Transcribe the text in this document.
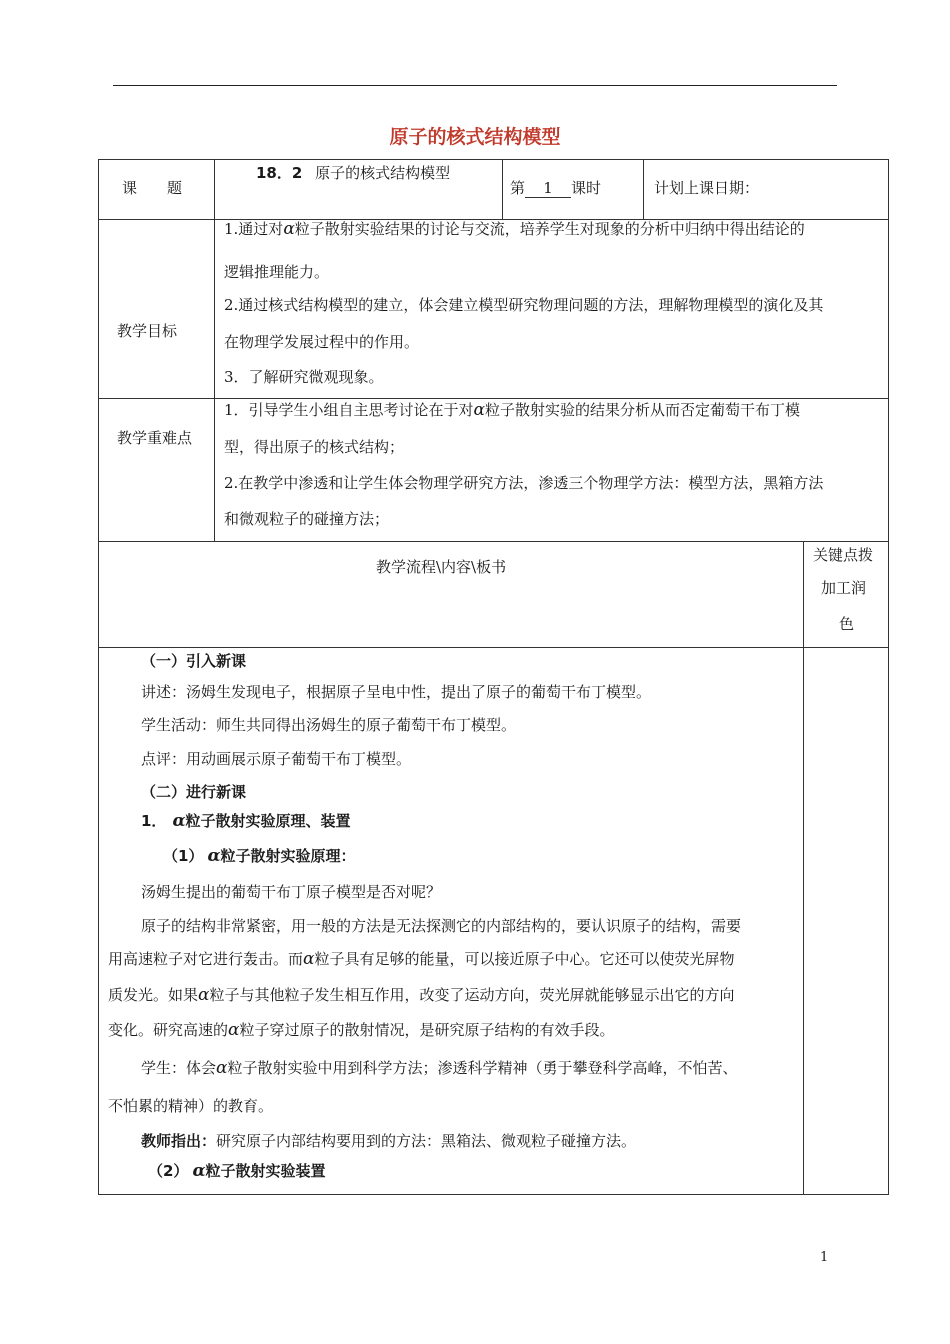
原子的核式结构模型
课　　题
18．2 原子的核式结构模型
第 1 课时	计划上课日期：
教学目标
1.通过对α粒子散射实验结果的讨论与交流，培养学生对现象的分析中归纳中得出结论的
逻辑推理能力。
2.通过核式结构模型的建立，体会建立模型研究物理问题的方法，理解物理模型的演化及其
在物理学发展过程中的作用。
3．了解研究微观现象。
教学重难点
1．引导学生小组自主思考讨论在于对α粒子散射实验的结果分析从而否定葡萄干布丁模
型，得出原子的核式结构；
2.在教学中渗透和让学生体会物理学研究方法，渗透三个物理学方法：模型方法，黑箱方法
和微观粒子的碰撞方法；
教学流程\内容\板书
关键点拨
加工润
色
（一）引入新课
讲述：汤姆生发现电子，根据原子呈电中性，提出了原子的葡萄干布丁模型。
学生活动：师生共同得出汤姆生的原子葡萄干布丁模型。
点评：用动画展示原子葡萄干布丁模型。
（二）进行新课
1． α粒子散射实验原理、装置
（1） α粒子散射实验原理：
汤姆生提出的葡萄干布丁原子模型是否对呢？
原子的结构非常紧密，用一般的方法是无法探测它的内部结构的，要认识原子的结构，需要
用高速粒子对它进行轰击。而α粒子具有足够的能量，可以接近原子中心。它还可以使荧光屏物
质发光。如果α粒子与其他粒子发生相互作用，改变了运动方向，荧光屏就能够显示出它的方向
变化。研究高速的α粒子穿过原子的散射情况，是研究原子结构的有效手段。
学生：体会α粒子散射实验中用到科学方法；渗透科学精神（勇于攀登科学高峰，不怕苦、
不怕累的精神）的教育。
教师指出：研究原子内部结构要用到的方法：黑箱法、微观粒子碰撞方法。
（2） α粒子散射实验装置
1
